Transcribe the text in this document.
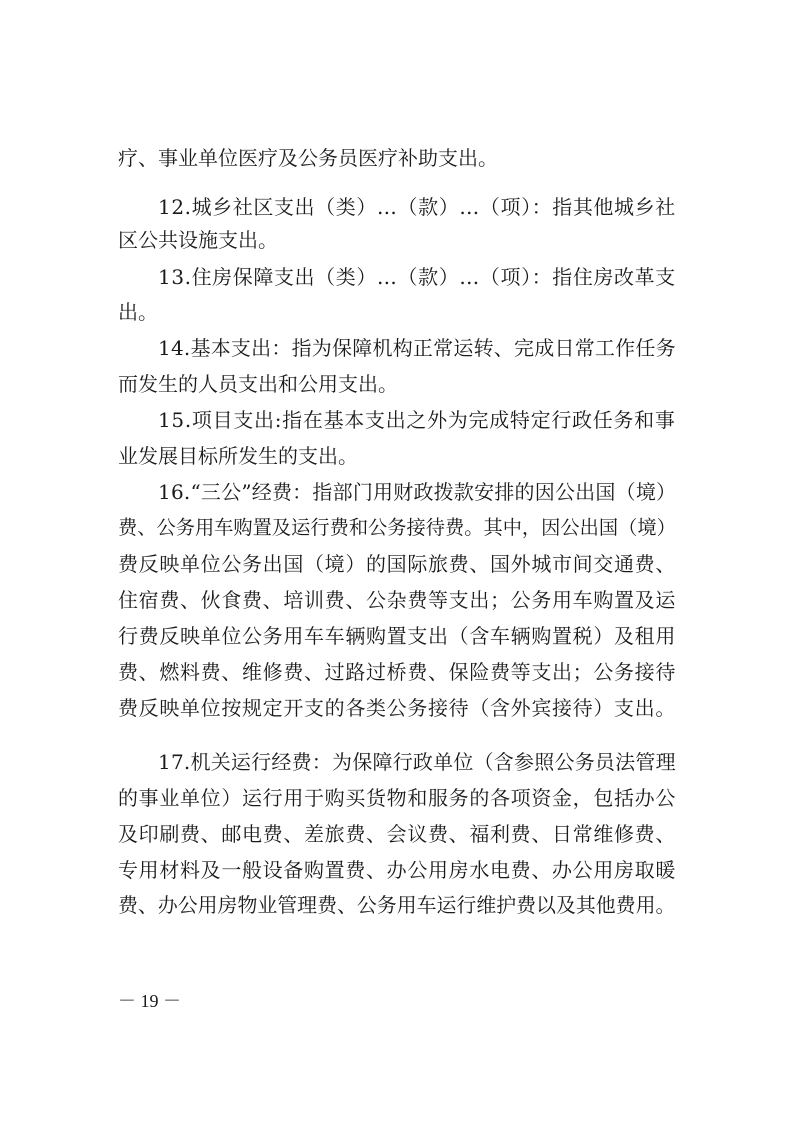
疗、事业单位医疗及公务员医疗补助支出。
12.城乡社区支出（类）…（款）…（项）：指其他城乡社
区公共设施支出。
13.住房保障支出（类）…（款）…（项）：指住房改革支
出。
14.基本支出：指为保障机构正常运转、完成日常工作任务
而发生的人员支出和公用支出。
15.项目支出:指在基本支出之外为完成特定行政任务和事
业发展目标所发生的支出。
16.“三公”经费：指部门用财政拨款安排的因公出国（境）
费、公务用车购置及运行费和公务接待费。其中，因公出国（境）
费反映单位公务出国（境）的国际旅费、国外城市间交通费、
住宿费、伙食费、培训费、公杂费等支出；公务用车购置及运
行费反映单位公务用车车辆购置支出（含车辆购置税）及租用
费、燃料费、维修费、过路过桥费、保险费等支出；公务接待
费反映单位按规定开支的各类公务接待（含外宾接待）支出。
17.机关运行经费：为保障行政单位（含参照公务员法管理
的事业单位）运行用于购买货物和服务的各项资金，包括办公
及印刷费、邮电费、差旅费、会议费、福利费、日常维修费、
专用材料及一般设备购置费、办公用房水电费、办公用房取暖
费、办公用房物业管理费、公务用车运行维护费以及其他费用。
－ 19 －
